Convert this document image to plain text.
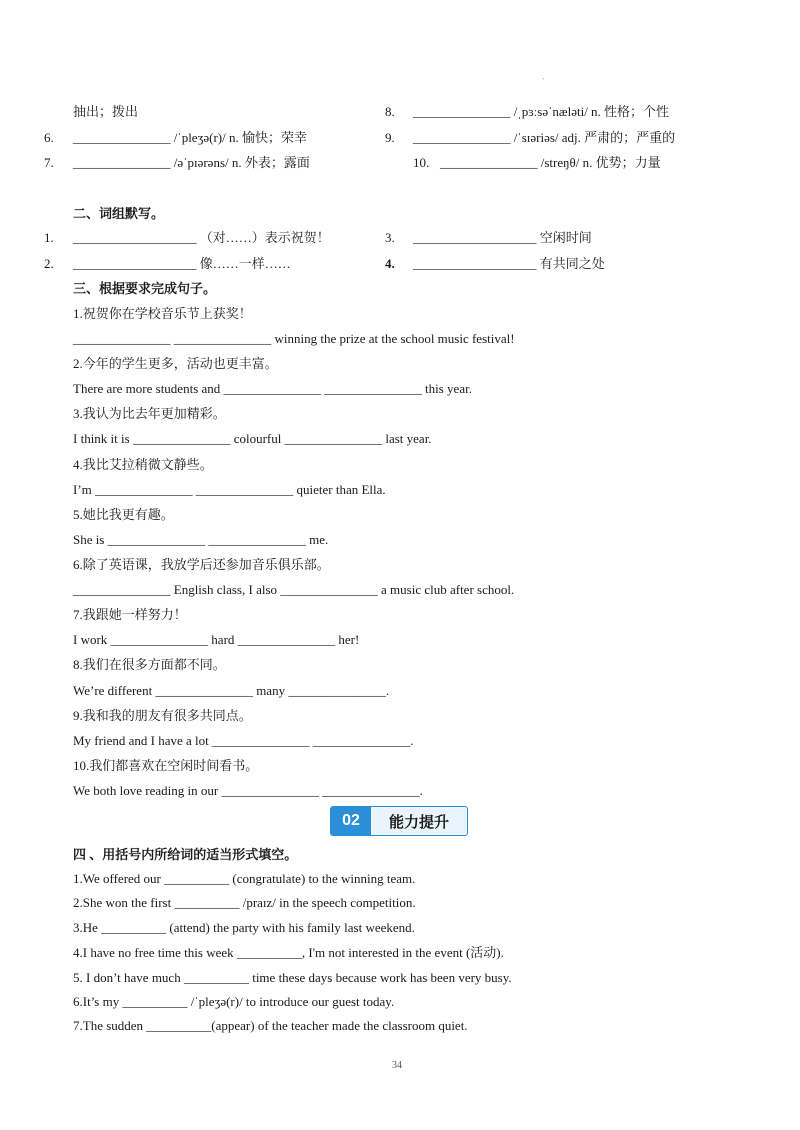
`
抽出；拨出
6. _______________ /ˈpleʒə(r)/ n. 愉快；荣幸
7. _______________ /əˈpɪərəns/ n. 外表；露面
8. _______________ /ˌpɜːsəˈnæləti/ n. 性格；个性
9. _______________ /ˈsɪəriəs/ adj. 严肃的；严重的
10. _______________ /streŋθ/ n. 优势；力量
二、词组默写。
1. ___________________ （对……）表示祝贺！
2. ___________________ 像……一样……
3. ___________________ 空闲时间
4. ___________________ 有共同之处
三、根据要求完成句子。
1.祝贺你在学校音乐节上获奖！
_______________ _______________ winning the prize at the school music festival!
2.今年的学生更多，活动也更丰富。
There are more students and _______________ _______________ this year.
3.我认为比去年更加精彩。
I think it is _______________ colourful _______________ last year.
4.我比艾拉稍微文静些。
I’m _______________ _______________ quieter than Ella.
5.她比我更有趣。
She is _______________ _______________ me.
6.除了英语课，我放学后还参加音乐俱乐部。
_______________ English class, I also _______________ a music club after school.
7.我跟她一样努力！
I work _______________ hard _______________ her!
8.我们在很多方面都不同。
We’re different _______________ many _______________.
9.我和我的朋友有很多共同点。
My friend and I have a lot _______________ _______________.
10.我们都喜欢在空闲时间看书。
We both love reading in our _______________ _______________.
02	能力提升
四 、用括号内所给词的适当形式填空。
1.We offered our __________ (congratulate) to the winning team.
2.She won the first __________ /praɪz/ in the speech competition.
3.He __________ (attend) the party with his family last weekend.
4.I have no free time this week __________, I'm not interested in the event (活动).
5. I don’t have much __________ time these days because work has been very busy.
6.It’s my __________ /ˈpleʒə(r)/ to introduce our guest today.
7.The sudden __________(appear) of the teacher made the classroom quiet.
34
